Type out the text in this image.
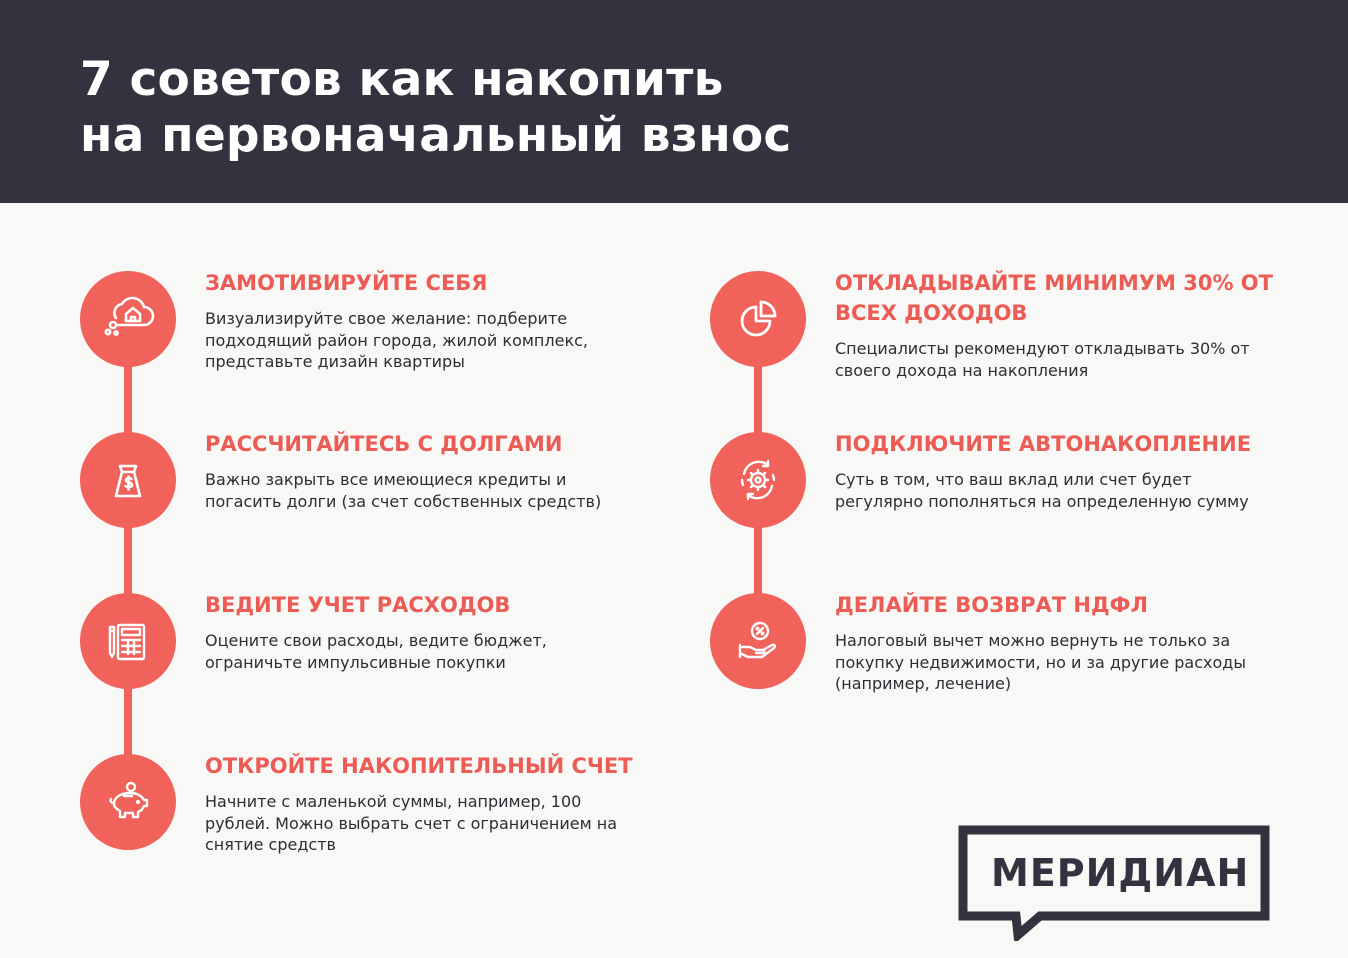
7 советов как накопить
на первоначальный взнос

ЗАМОТИВИРУЙТЕ СЕБЯ

Визуализируйте свое желание: подберите
подходящий район города, жилой комплекс,
представьте дизайн квартиры

РАССЧИТАЙТЕСЬ С ДОЛГАМИ

Важно закрыть все имеющиеся кредиты и
погасить долги (за счет собственных средств)

ВЕДИТЕ УЧЕТ РАСХОДОВ

Оцените свои расходы, ведите бюджет,
ограничьте импульсивные покупки

ОТКРОЙТЕ НАКОПИТЕЛЬНЫЙ СЧЕТ

Начните с маленькой суммы, например, 100
рублей. Можно выбрать счет с ограничением на
снятие средств

ОТКЛАДЫВАЙТЕ МИНИМУМ 30% ОТ
ВСЕХ ДОХОДОВ

Специалисты рекомендуют откладывать 30% от
своего дохода на накопления

ПОДКЛЮЧИТЕ АВТОНАКОПЛЕНИЕ

Суть в том, что ваш вклад или счет будет
регулярно пополняться на определенную сумму

ДЕЛАЙТЕ ВОЗВРАТ НДФЛ

Налоговый вычет можно вернуть не только за
покупку недвижимости, но и за другие расходы
(например, лечение)

МЕРИДИАН
